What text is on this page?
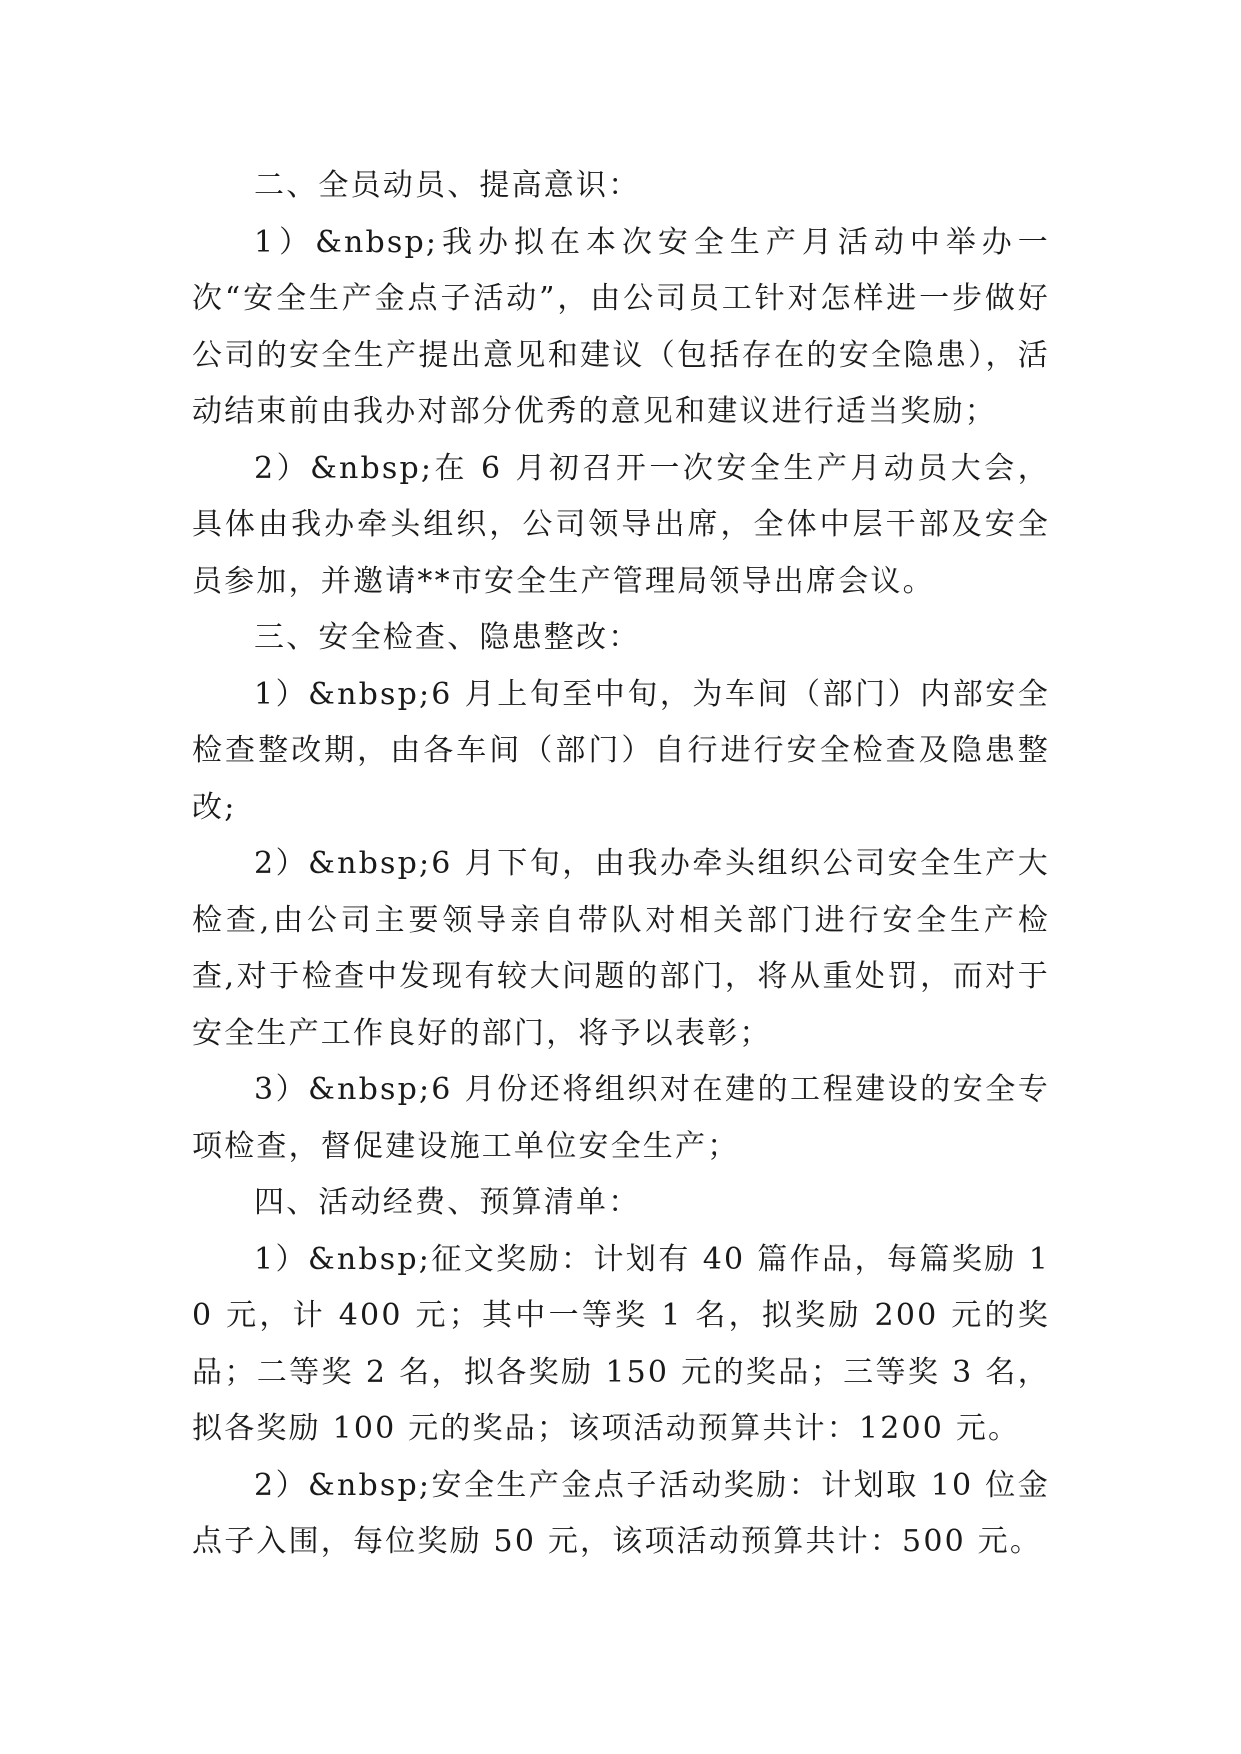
二、全员动员、提高意识：

1）&nbsp;我办拟在本次安全生产月活动中举办一次“安全生产金点子活动”，由公司员工针对怎样进一步做好公司的安全生产提出意见和建议（包括存在的安全隐患），活动结束前由我办对部分优秀的意见和建议进行适当奖励；

2）&nbsp;在 6 月初召开一次安全生产月动员大会，具体由我办牵头组织，公司领导出席，全体中层干部及安全员参加，并邀请**市安全生产管理局领导出席会议。

三、安全检查、隐患整改：

1）&nbsp;6 月上旬至中旬，为车间（部门）内部安全检查整改期，由各车间（部门）自行进行安全检查及隐患整改;

2）&nbsp;6 月下旬，由我办牵头组织公司安全生产大检查,由公司主要领导亲自带队对相关部门进行安全生产检查,对于检查中发现有较大问题的部门，将从重处罚，而对于安全生产工作良好的部门，将予以表彰；

3）&nbsp;6 月份还将组织对在建的工程建设的安全专项检查，督促建设施工单位安全生产；

四、活动经费、预算清单：

1）&nbsp;征文奖励：计划有 40 篇作品，每篇奖励 10 元，计 400 元；其中一等奖 1 名，拟奖励 200 元的奖品；二等奖 2 名，拟各奖励 150 元的奖品；三等奖 3 名，拟各奖励 100 元的奖品；该项活动预算共计：1200 元。

2）&nbsp;安全生产金点子活动奖励：计划取 10 位金点子入围，每位奖励 50 元，该项活动预算共计：500 元。
